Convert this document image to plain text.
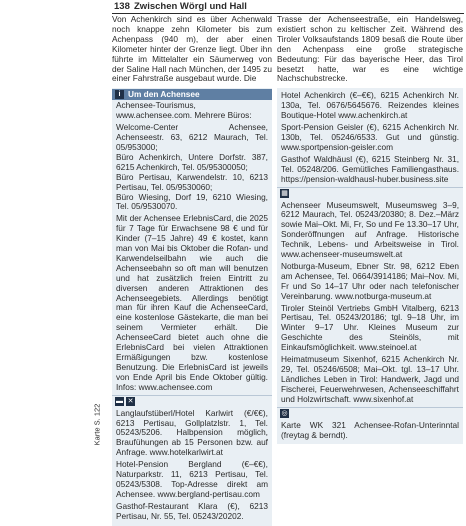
138 Zwischen Wörgl und Hall
Karte S. 122

Von Achenkirch sind es über Achenwald noch knappe zehn Kilometer bis zum Achenpass (940 m), der aber einen Kilometer hinter der Grenze liegt. Über ihn führte im Mittelalter ein Säumerweg von der Saline Hall nach München, der 1495 zu einer Fahrstraße ausgebaut wurde. Die

i Um den Achensee

Achensee-Tourismus, www.achensee.com. Mehrere Büros:

Welcome-Center Achensee, Achenseestr. 63, 6212 Maurach, Tel. 05/953000;

Büro Achenkirch, Untere Dorfstr. 387, 6215 Achenkirch, Tel. 05/95300050;

Büro Pertisau, Karwendelstr. 10, 6213 Pertisau, Tel. 05/9530060;

Büro Wiesing, Dorf 19, 6210 Wiesing, Tel. 05/9530070.

Mit der Achensee ErlebnisCard, die 2025 für 7 Tage für Erwachsene 98 € und für Kinder (7–15 Jahre) 49 € kostet, kann man von Mai bis Oktober die Rofan- und Karwendelseilbahn wie auch die Achenseebahn so oft man will benutzen und hat zusätzlich freien Eintritt zu diversen anderen Attraktionen des Achenseegebiets. Allerdings benötigt man für ihren Kauf die AchenseeCard, eine kostenlose Gästekarte, die man bei seinem Vermieter erhält. Die AchenseeCard bietet auch ohne die ErlebnisCard bei vielen Attraktionen Ermäßigungen bzw. kostenlose Benutzung. Die ErlebnisCard ist jeweils von Ende April bis Ende Oktober gültig. Infos: www.achensee.com

▬ ✕

Langlaufstüberl/Hotel Karlwirt (€/€€), 6213 Pertisau, Gollplatzlstr. 1, Tel. 05243/5206. Halbpension möglich, Braufühungen ab 15 Personen bzw. auf Anfrage. www.hotelkarlwirt.at

Hotel-Pension Bergland (€–€€), Naturparkstr. 11, 6213 Pertisau, Tel. 05243/5308. Top-Adresse direkt am Achensee. www.bergland-pertisau.com

Gasthof-Restaurant Klara (€), 6213 Pertisau, Nr. 55, Tel. 05243/20202.

Trasse der Achenseestraße, ein Handelsweg, existiert schon zu keltischer Zeit. Während des Tiroler Volksaufstands 1809 besaß die Route über den Achenpass eine große strategische Bedeutung: Für das bayerische Heer, das Tirol besetzt hatte, war es eine wichtige Nachschubstrecke.

Hotel Achenkirch (€–€€), 6215 Achenkirch Nr. 130a, Tel. 0676/5645676. Reizendes kleines Boutique-Hotel www.achenkirch.at

Sport-Pension Geisler (€), 6215 Achenkirch Nr. 130b, Tel. 05246/6533. Gut und günstig. www.sportpension-geisler.com

Gasthof Waldhäusl (€), 6215 Steinberg Nr. 31, Tel. 05248/206. Gemütliches Familiengasthaus. https://pension-waldhausl-huber.business.site

▦

Achenseer Museumswelt, Museumsweg 3–9, 6212 Maurach, Tel. 05243/20380; 8. Dez.–März sowie Mai–Okt. Mi, Fr, So und Fe 13.30–17 Uhr, Sonderöffnungen auf Anfrage. Historische Technik, Lebens- und Arbeitsweise in Tirol. www.achenseer-museumswelt.at

Notburga-Museum, Ebner Str. 98, 6212 Eben am Achensee, Tel. 0664/3914186; Mai–Nov. Mi, Fr und So 14–17 Uhr oder nach telefonischer Vereinbarung. www.notburga-museum.at

Tiroler Steinöl Vertriebs GmbH Vitalberg, 6213 Pertisau, Tel. 05243/20186; tgl. 9–18 Uhr, im Winter 9–17 Uhr. Kleines Museum zur Geschichte des Steinöls, mit Einkaufsmöglichkeit. www.steinoel.at

Heimatmuseum Sixenhof, 6215 Achenkirch Nr. 29, Tel. 05246/6508; Mai–Okt. tgl. 13–17 Uhr. Ländliches Leben in Tirol: Handwerk, Jagd und Fischerei, Feuerwehrwesen, Achenseeschiffahrt und Holzwirtschaft. www.sixenhof.at

◎

Karte WK 321 Achensee-Rofan-Unterinntal (freytag & berndt).
